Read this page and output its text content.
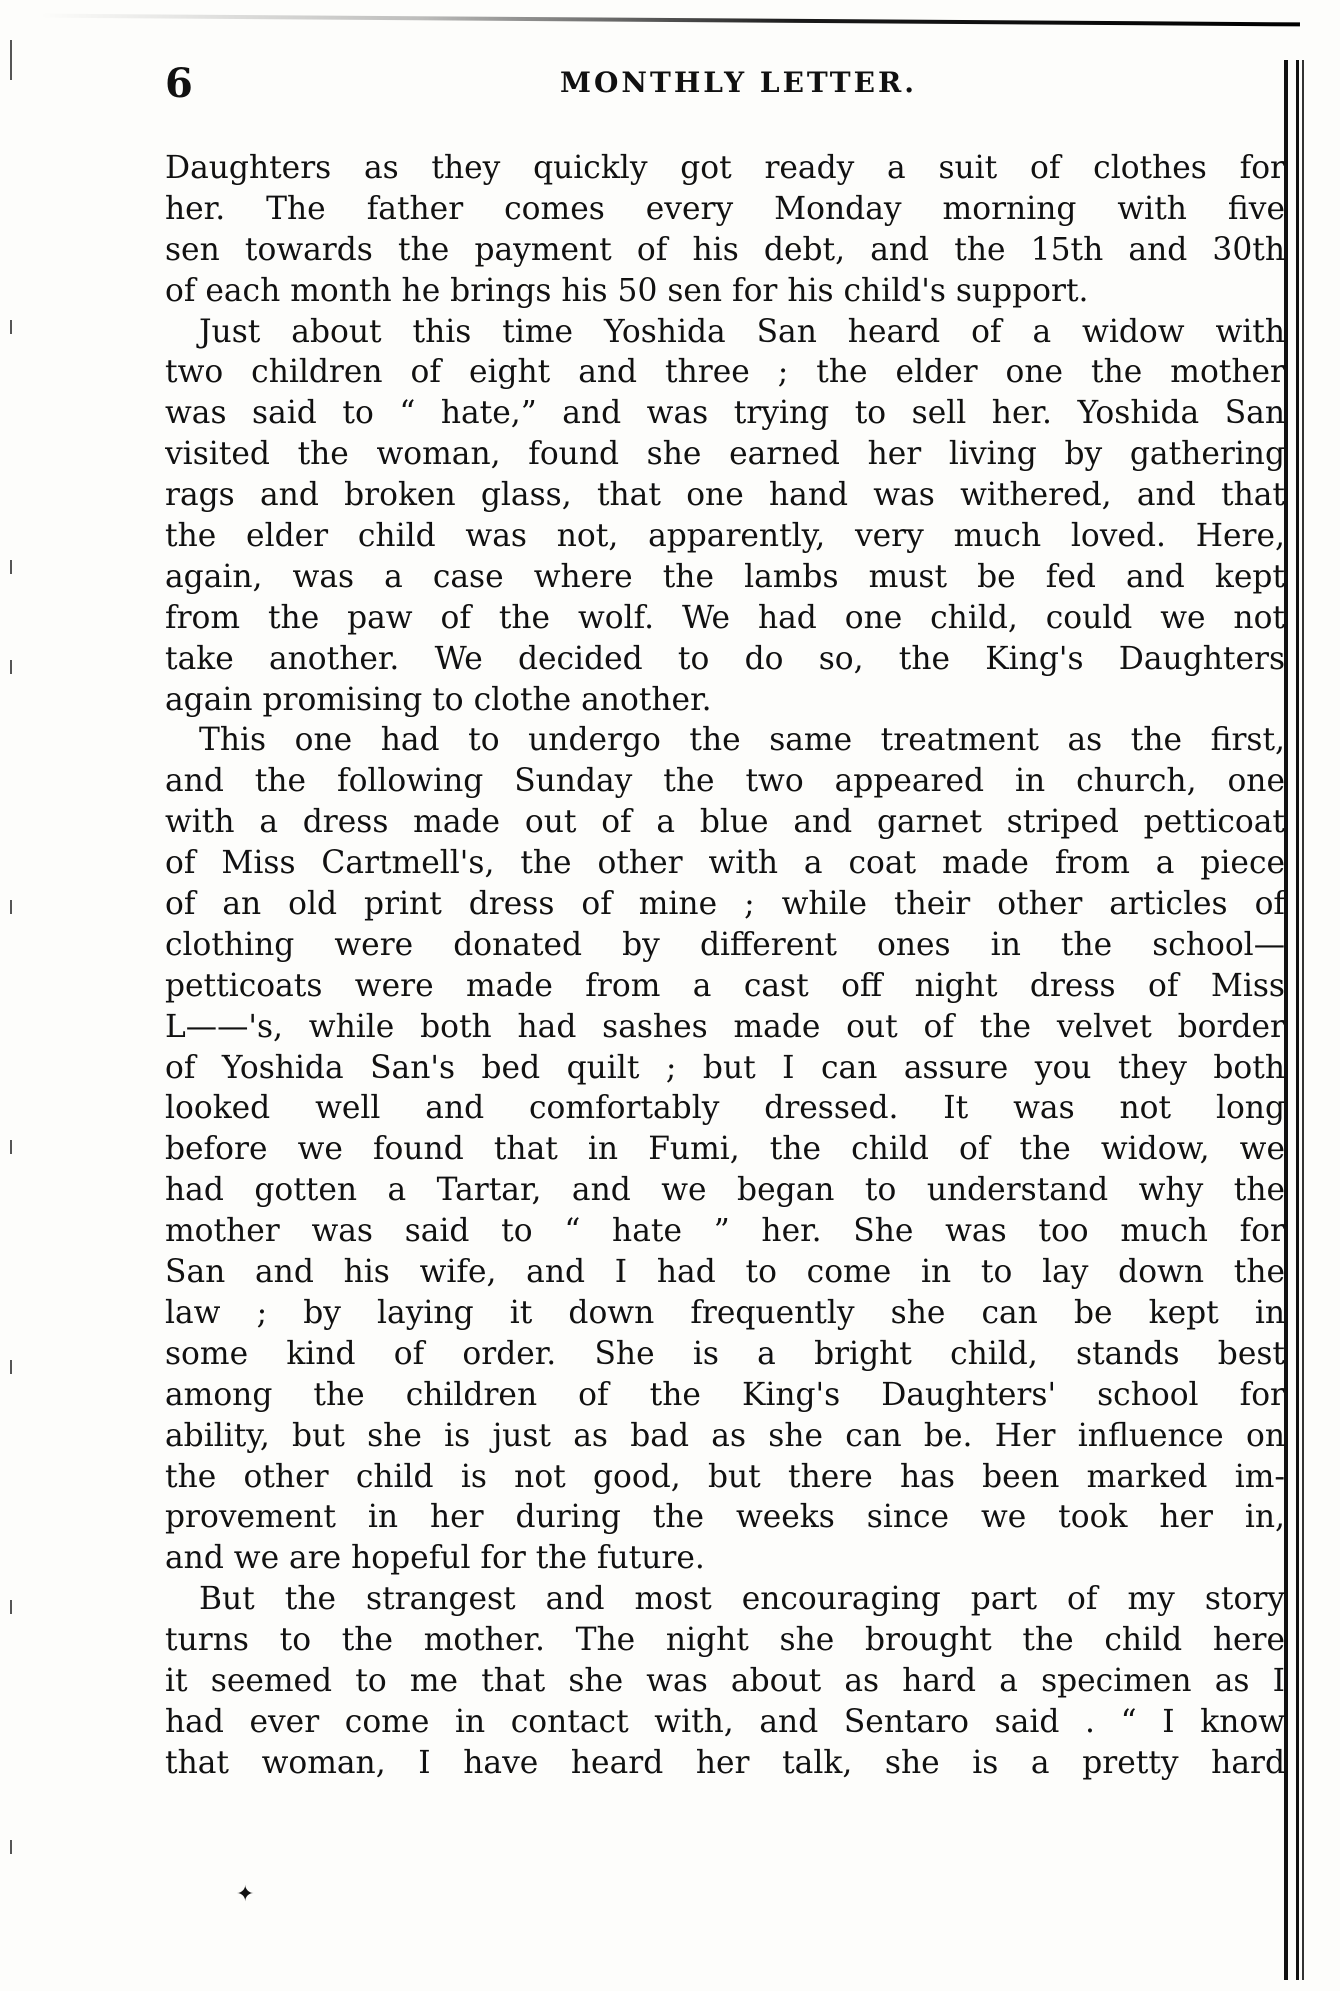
6	MONTHLY LETTER.
Daughters as they quickly got ready a suit of clothes for
her. The father comes every Monday morning with five
sen towards the payment of his debt, and the 15th and 30th
of each month he brings his 50 sen for his child's support.
Just about this time Yoshida San heard of a widow with
two children of eight and three ; the elder one the mother
was said to “ hate,” and was trying to sell her. Yoshida San
visited the woman, found she earned her living by gathering
rags and broken glass, that one hand was withered, and that
the elder child was not, apparently, very much loved. Here,
again, was a case where the lambs must be fed and kept
from the paw of the wolf. We had one child, could we not
take another. We decided to do so, the King's Daughters
again promising to clothe another.
This one had to undergo the same treatment as the first,
and the following Sunday the two appeared in church, one
with a dress made out of a blue and garnet striped petticoat
of Miss Cartmell's, the other with a coat made from a piece
of an old print dress of mine ; while their other articles of
clothing were donated by different ones in the school—
petticoats were made from a cast off night dress of Miss
L——'s, while both had sashes made out of the velvet border
of Yoshida San's bed quilt ; but I can assure you they both
looked well and comfortably dressed. It was not long
before we found that in Fumi, the child of the widow, we
had gotten a Tartar, and we began to understand why the
mother was said to “ hate ” her. She was too much for
San and his wife, and I had to come in to lay down the
law ; by laying it down frequently she can be kept in
some kind of order. She is a bright child, stands best
among the children of the King's Daughters' school for
ability, but she is just as bad as she can be. Her influence on
the other child is not good, but there has been marked im-
provement in her during the weeks since we took her in,
and we are hopeful for the future.
But the strangest and most encouraging part of my story
turns to the mother. The night she brought the child here
it seemed to me that she was about as hard a specimen as I
had ever come in contact with, and Sentaro said . “ I know
that woman, I have heard her talk, she is a pretty hard
✦
